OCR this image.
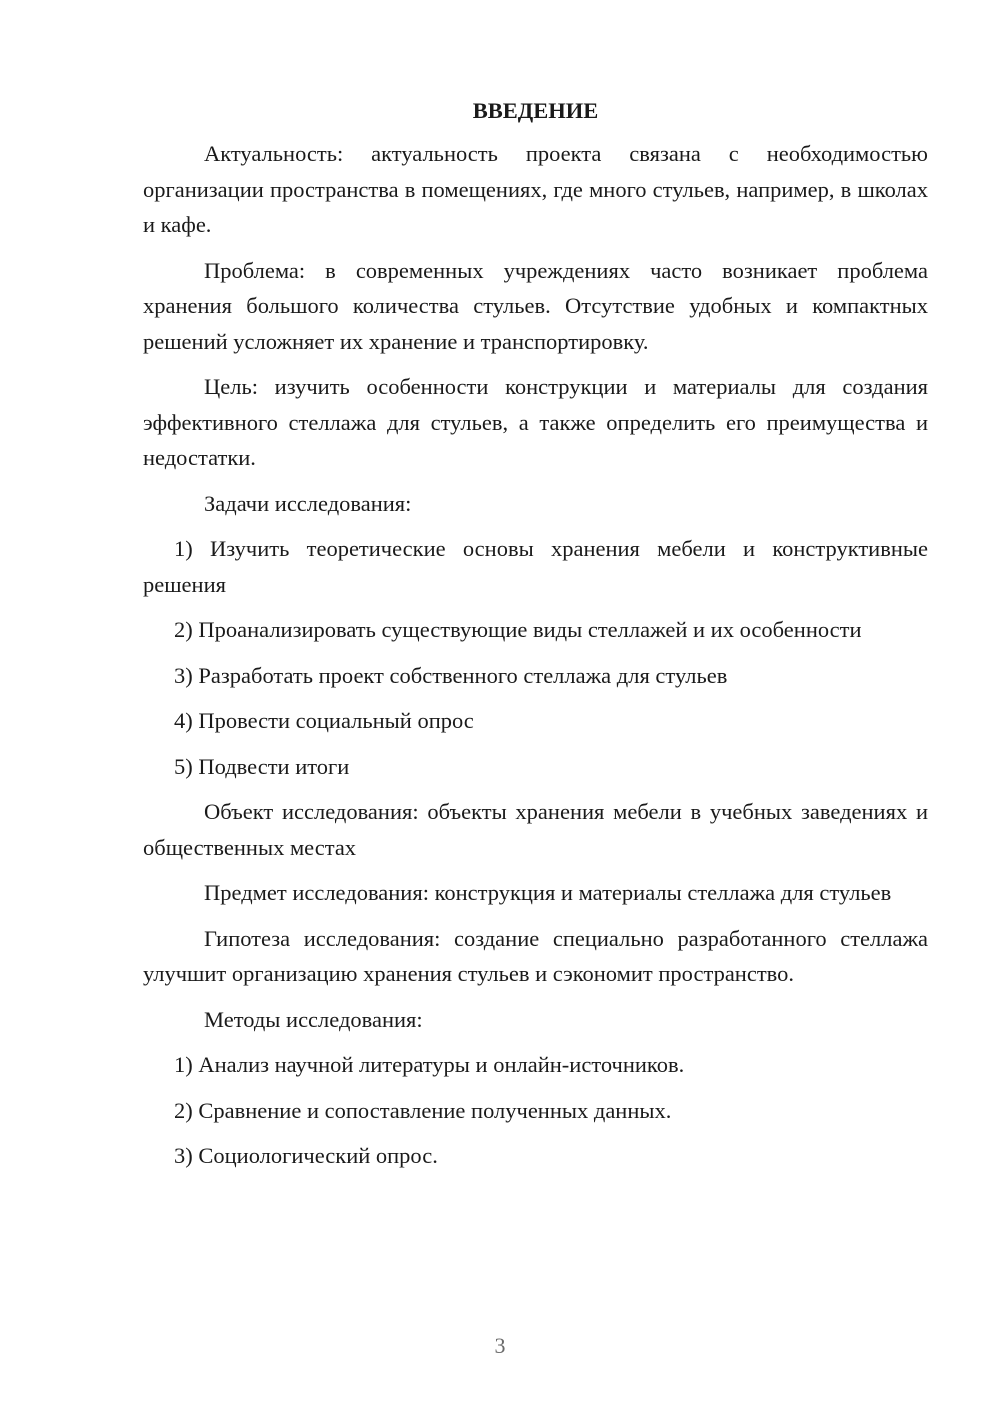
ВВЕДЕНИЕ

Актуальность: актуальность проекта связана с необходимостью организации пространства в помещениях, где много стульев, например, в школах и кафе.

Проблема: в современных учреждениях часто возникает проблема хранения большого количества стульев. Отсутствие удобных и компактных решений усложняет их хранение и транспортировку.

Цель: изучить особенности конструкции и материалы для создания эффективного стеллажа для стульев, а также определить его преимущества и недостатки.

Задачи исследования:

1) Изучить теоретические основы хранения мебели и конструктивные решения

2) Проанализировать существующие виды стеллажей и их особенности

3) Разработать проект собственного стеллажа для стульев

4) Провести социальный опрос

5) Подвести итоги

Объект исследования: объекты хранения мебели в учебных заведениях и общественных местах

Предмет исследования: конструкция и материалы стеллажа для стульев

Гипотеза исследования: создание специально разработанного стеллажа улучшит организацию хранения стульев и сэкономит пространство.

Методы исследования:

1) Анализ научной литературы и онлайн-источников.

2) Сравнение и сопоставление полученных данных.

3) Социологический опрос.

3
